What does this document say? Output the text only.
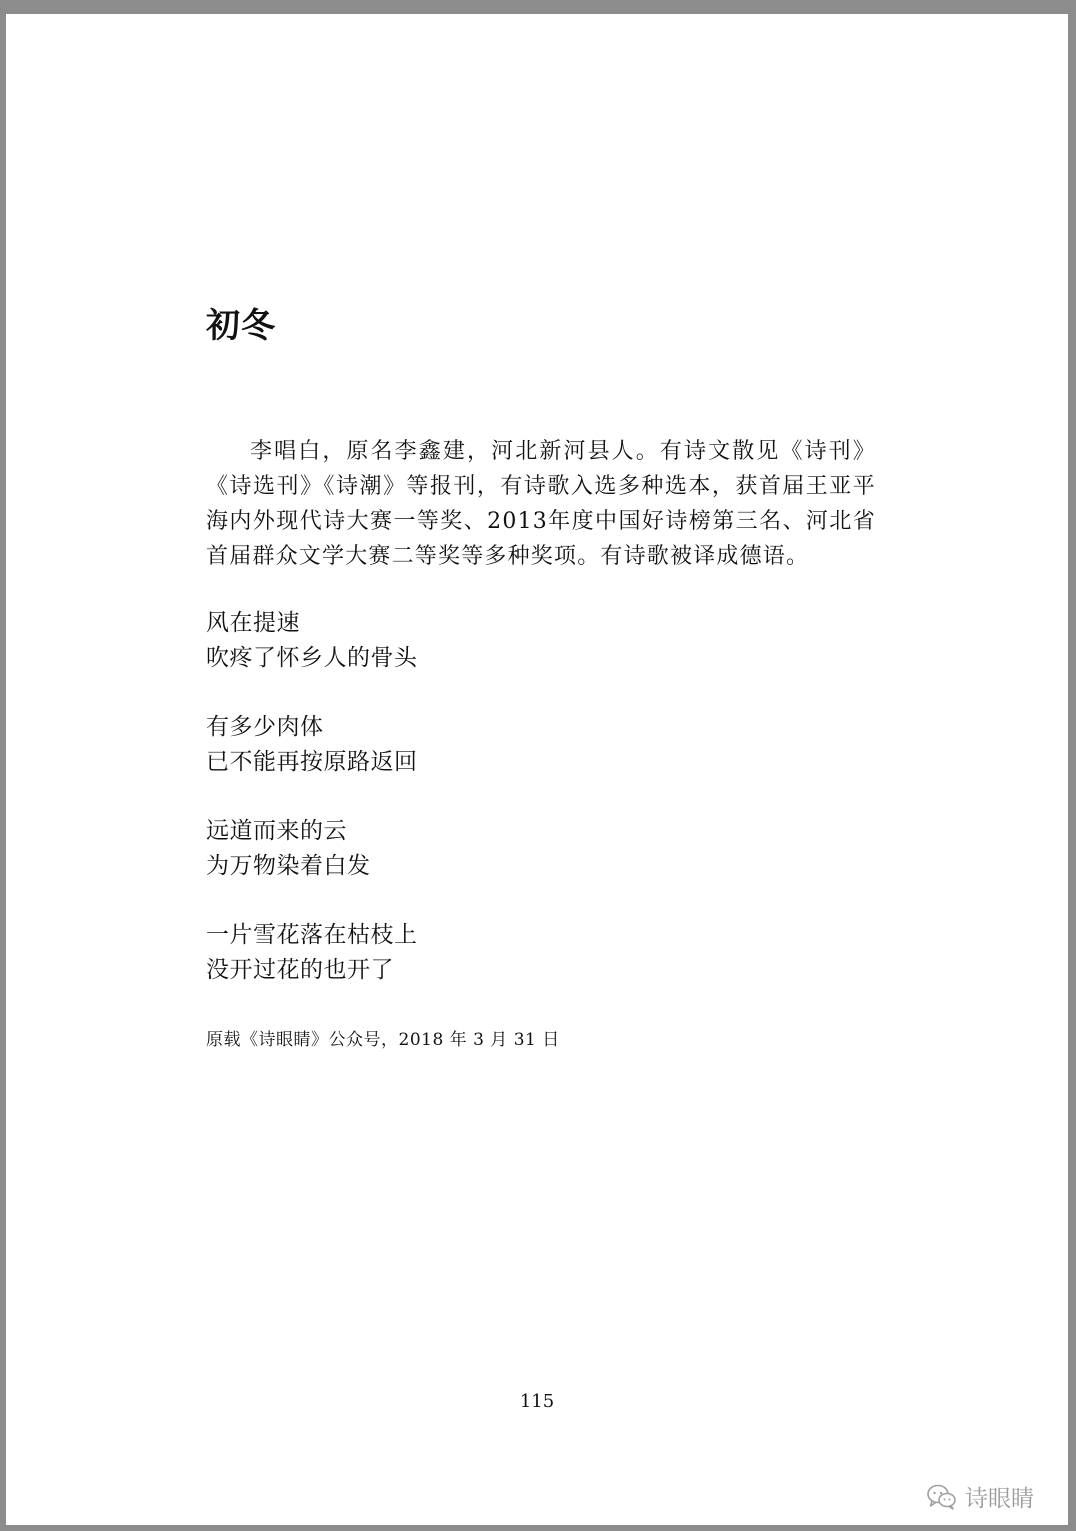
初冬

李唱白，原名李鑫建，河北新河县人。有诗文散见《诗刊》《诗选刊》《诗潮》等报刊，有诗歌入选多种选本，获首届王亚平海内外现代诗大赛一等奖、2013年度中国好诗榜第三名、河北省首届群众文学大赛二等奖等多种奖项。有诗歌被译成德语。

风在提速
吹疼了怀乡人的骨头
有多少肉体
已不能再按原路返回
远道而来的云
为万物染着白发
一片雪花落在枯枝上
没开过花的也开了
原载《诗眼睛》公众号，2018 年 3 月 31 日
115
诗眼睛
